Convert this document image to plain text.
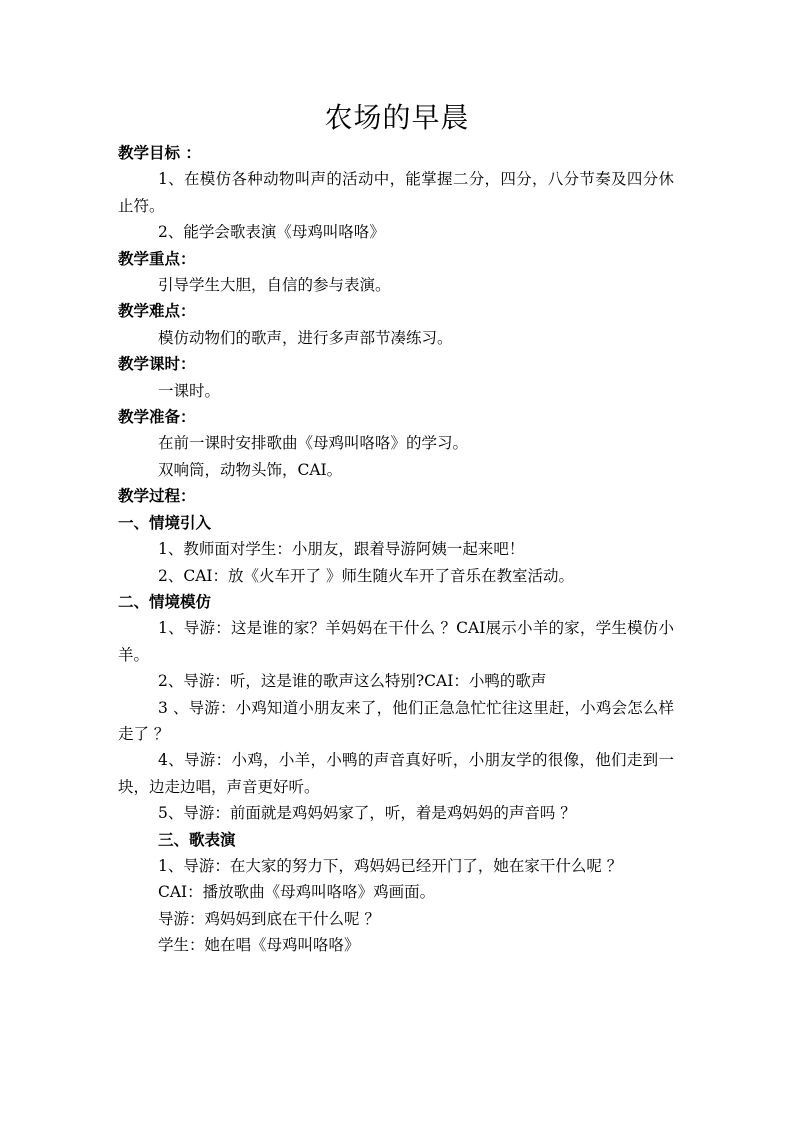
农场的早晨
教学目标 ：
1、在模仿各种动物叫声的活动中，能掌握二分，四分，八分节奏及四分休止符。
2、能学会歌表演《母鸡叫咯咯》
教学重点：
引导学生大胆，自信的参与表演。
教学难点：
模仿动物们的歌声，进行多声部节凑练习。
教学课时：
一课时。
教学准备：
在前一课时安排歌曲《母鸡叫咯咯》的学习。
双响筒，动物头饰，CAI。
教学过程：
一、情境引入
1、教师面对学生：小朋友，跟着导游阿姨一起来吧！
2、CAI：放《火车开了 》师生随火车开了音乐在教室活动。
二、情境模仿
1、导游：这是谁的家？羊妈妈在干什么 ？CAI展示小羊的家，学生模仿小羊。
2、导游：听，这是谁的歌声这么特别?CAI：小鸭的歌声
3 、导游：小鸡知道小朋友来了，他们正急急忙忙往这里赶，小鸡会怎么样走了 ？
4、导游：小鸡，小羊，小鸭的声音真好听，小朋友学的很像，他们走到一块，边走边唱，声音更好听。
5、导游：前面就是鸡妈妈家了，听，着是鸡妈妈的声音吗 ？
三、歌表演
1、导游：在大家的努力下，鸡妈妈已经开门了，她在家干什么呢 ？
CAI：播放歌曲《母鸡叫咯咯》鸡画面。
导游：鸡妈妈到底在干什么呢 ？
学生：她在唱《母鸡叫咯咯》
